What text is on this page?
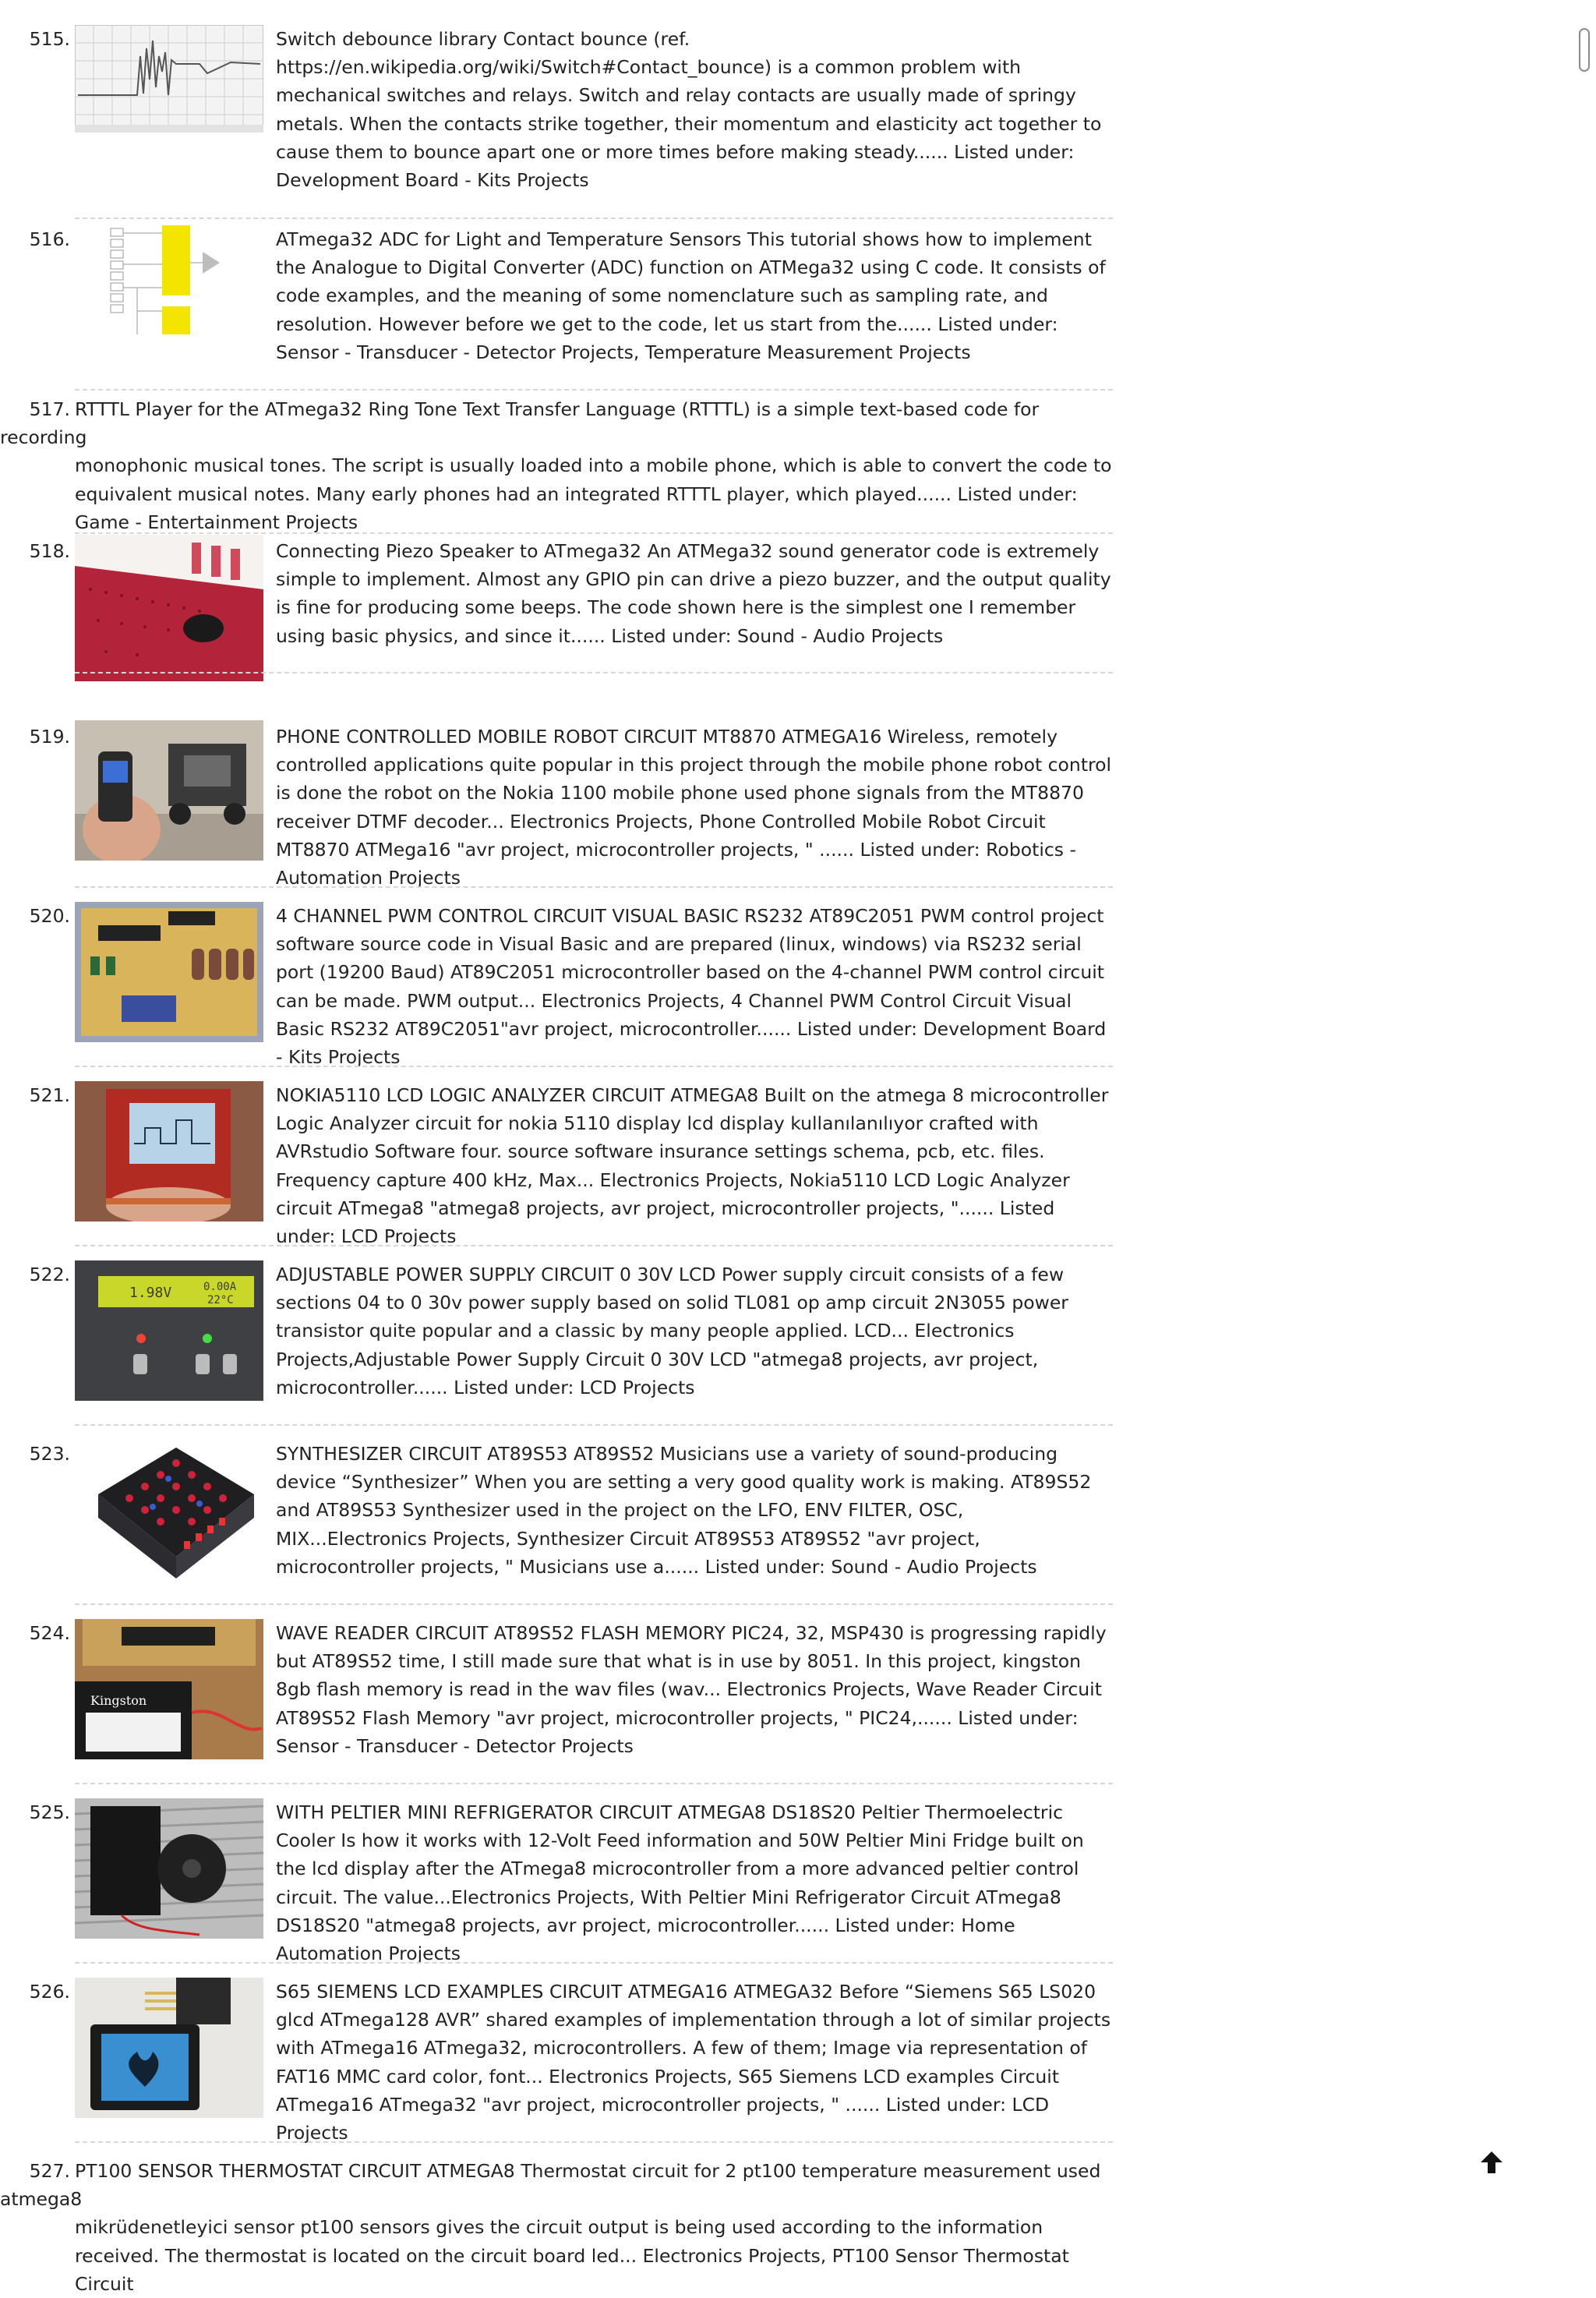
515.	Switch debounce library Contact bounce (ref. https://en.wikipedia.org/wiki/Switch#Contact_bounce) is a common problem with mechanical switches and relays. Switch and relay contacts are usually made of springy metals. When the contacts strike together, their momentum and elasticity act together to cause them to bounce apart one or more times before making steady...... Listed under: Development Board - Kits Projects

516.	ATmega32 ADC for Light and Temperature Sensors This tutorial shows how to implement the Analogue to Digital Converter (ADC) function on ATMega32 using C code. It consists of code examples, and the meaning of some nomenclature such as sampling rate, and resolution. However before we get to the code, let us start from the...... Listed under: Sensor - Transducer - Detector Projects, Temperature Measurement Projects

517. RTTTL Player for the ATmega32 Ring Tone Text Transfer Language (RTTTL) is a simple text-based code for recording
monophonic musical tones. The script is usually loaded into a mobile phone, which is able to convert the code to equivalent musical notes. Many early phones had an integrated RTTTL player, which played...... Listed under: Game - Entertainment Projects

518.	Connecting Piezo Speaker to ATmega32 An ATMega32 sound generator code is extremely simple to implement. Almost any GPIO pin can drive a piezo buzzer, and the output quality is fine for producing some beeps. The code shown here is the simplest one I remember using basic physics, and since it...... Listed under: Sound - Audio Projects

519.	PHONE CONTROLLED MOBILE ROBOT CIRCUIT MT8870 ATMEGA16 Wireless, remotely controlled applications quite popular in this project through the mobile phone robot control is done the robot on the Nokia 1100 mobile phone used phone signals from the MT8870 receiver DTMF decoder... Electronics Projects, Phone Controlled Mobile Robot Circuit MT8870 ATMega16 "avr project, microcontroller projects, " ...... Listed under: Robotics - Automation Projects

520.	4 CHANNEL PWM CONTROL CIRCUIT VISUAL BASIC RS232 AT89C2051 PWM control project software source code in Visual Basic and are prepared (linux, windows) via RS232 serial port (19200 Baud) AT89C2051 microcontroller based on the 4-channel PWM control circuit can be made. PWM output... Electronics Projects, 4 Channel PWM Control Circuit Visual Basic RS232 AT89C2051"avr project, microcontroller...... Listed under: Development Board - Kits Projects

521.	NOKIA5110 LCD LOGIC ANALYZER CIRCUIT ATMEGA8 Built on the atmega 8 microcontroller Logic Analyzer circuit for nokia 5110 display lcd display kullanılanılıyor crafted with AVRstudio Software four. source software insurance settings schema, pcb, etc. files. Frequency capture 400 kHz, Max... Electronics Projects, Nokia5110 LCD Logic Analyzer circuit ATmega8 "atmega8 projects, avr project, microcontroller projects, "...... Listed under: LCD Projects

522.
1.98V	0.00A
22°C

ADJUSTABLE POWER SUPPLY CIRCUIT 0 30V LCD Power supply circuit consists of a few sections 04 to 0 30v power supply based on solid TL081 op amp circuit 2N3055 power transistor quite popular and a classic by many people applied. LCD... Electronics Projects,Adjustable Power Supply Circuit 0 30V LCD "atmega8 projects, avr project, microcontroller...... Listed under: LCD Projects

523.	SYNTHESIZER CIRCUIT AT89S53 AT89S52 Musicians use a variety of sound-producing device “Synthesizer” When you are setting a very good quality work is making. AT89S52 and AT89S53 Synthesizer used in the project on the LFO, ENV FILTER, OSC, MIX...Electronics Projects, Synthesizer Circuit AT89S53 AT89S52 "avr project, microcontroller projects, " Musicians use a...... Listed under: Sound - Audio Projects

524.
Kingston

WAVE READER CIRCUIT AT89S52 FLASH MEMORY PIC24, 32, MSP430 is progressing rapidly but AT89S52 time, I still made sure that what is in use by 8051. In this project, kingston 8gb flash memory is read in the wav files (wav... Electronics Projects, Wave Reader Circuit AT89S52 Flash Memory "avr project, microcontroller projects, " PIC24,...... Listed under: Sensor - Transducer - Detector Projects

525.	WITH PELTIER MINI REFRIGERATOR CIRCUIT ATMEGA8 DS18S20 Peltier Thermoelectric Cooler Is how it works with 12-Volt Feed information and 50W Peltier Mini Fridge built on the lcd display after the ATmega8 microcontroller from a more advanced peltier control circuit. The value...Electronics Projects, With Peltier Mini Refrigerator Circuit ATmega8 DS18S20 "atmega8 projects, avr project, microcontroller...... Listed under: Home Automation Projects

526.	S65 SIEMENS LCD EXAMPLES CIRCUIT ATMEGA16 ATMEGA32 Before “Siemens S65 LS020 glcd ATmega128 AVR” shared examples of implementation through a lot of similar projects with ATmega16 ATmega32, microcontrollers. A few of them; Image via representation of FAT16 MMC card color, font... Electronics Projects, S65 Siemens LCD examples Circuit ATmega16 ATmega32 "avr project, microcontroller projects, " ...... Listed under: LCD Projects

527. PT100 SENSOR THERMOSTAT CIRCUIT ATMEGA8 Thermostat circuit for 2 pt100 temperature measurement used atmega8
mikrüdenetleyici sensor pt100 sensors gives the circuit output is being used according to the information received. The thermostat is located on the circuit board led... Electronics Projects, PT100 Sensor Thermostat Circuit
